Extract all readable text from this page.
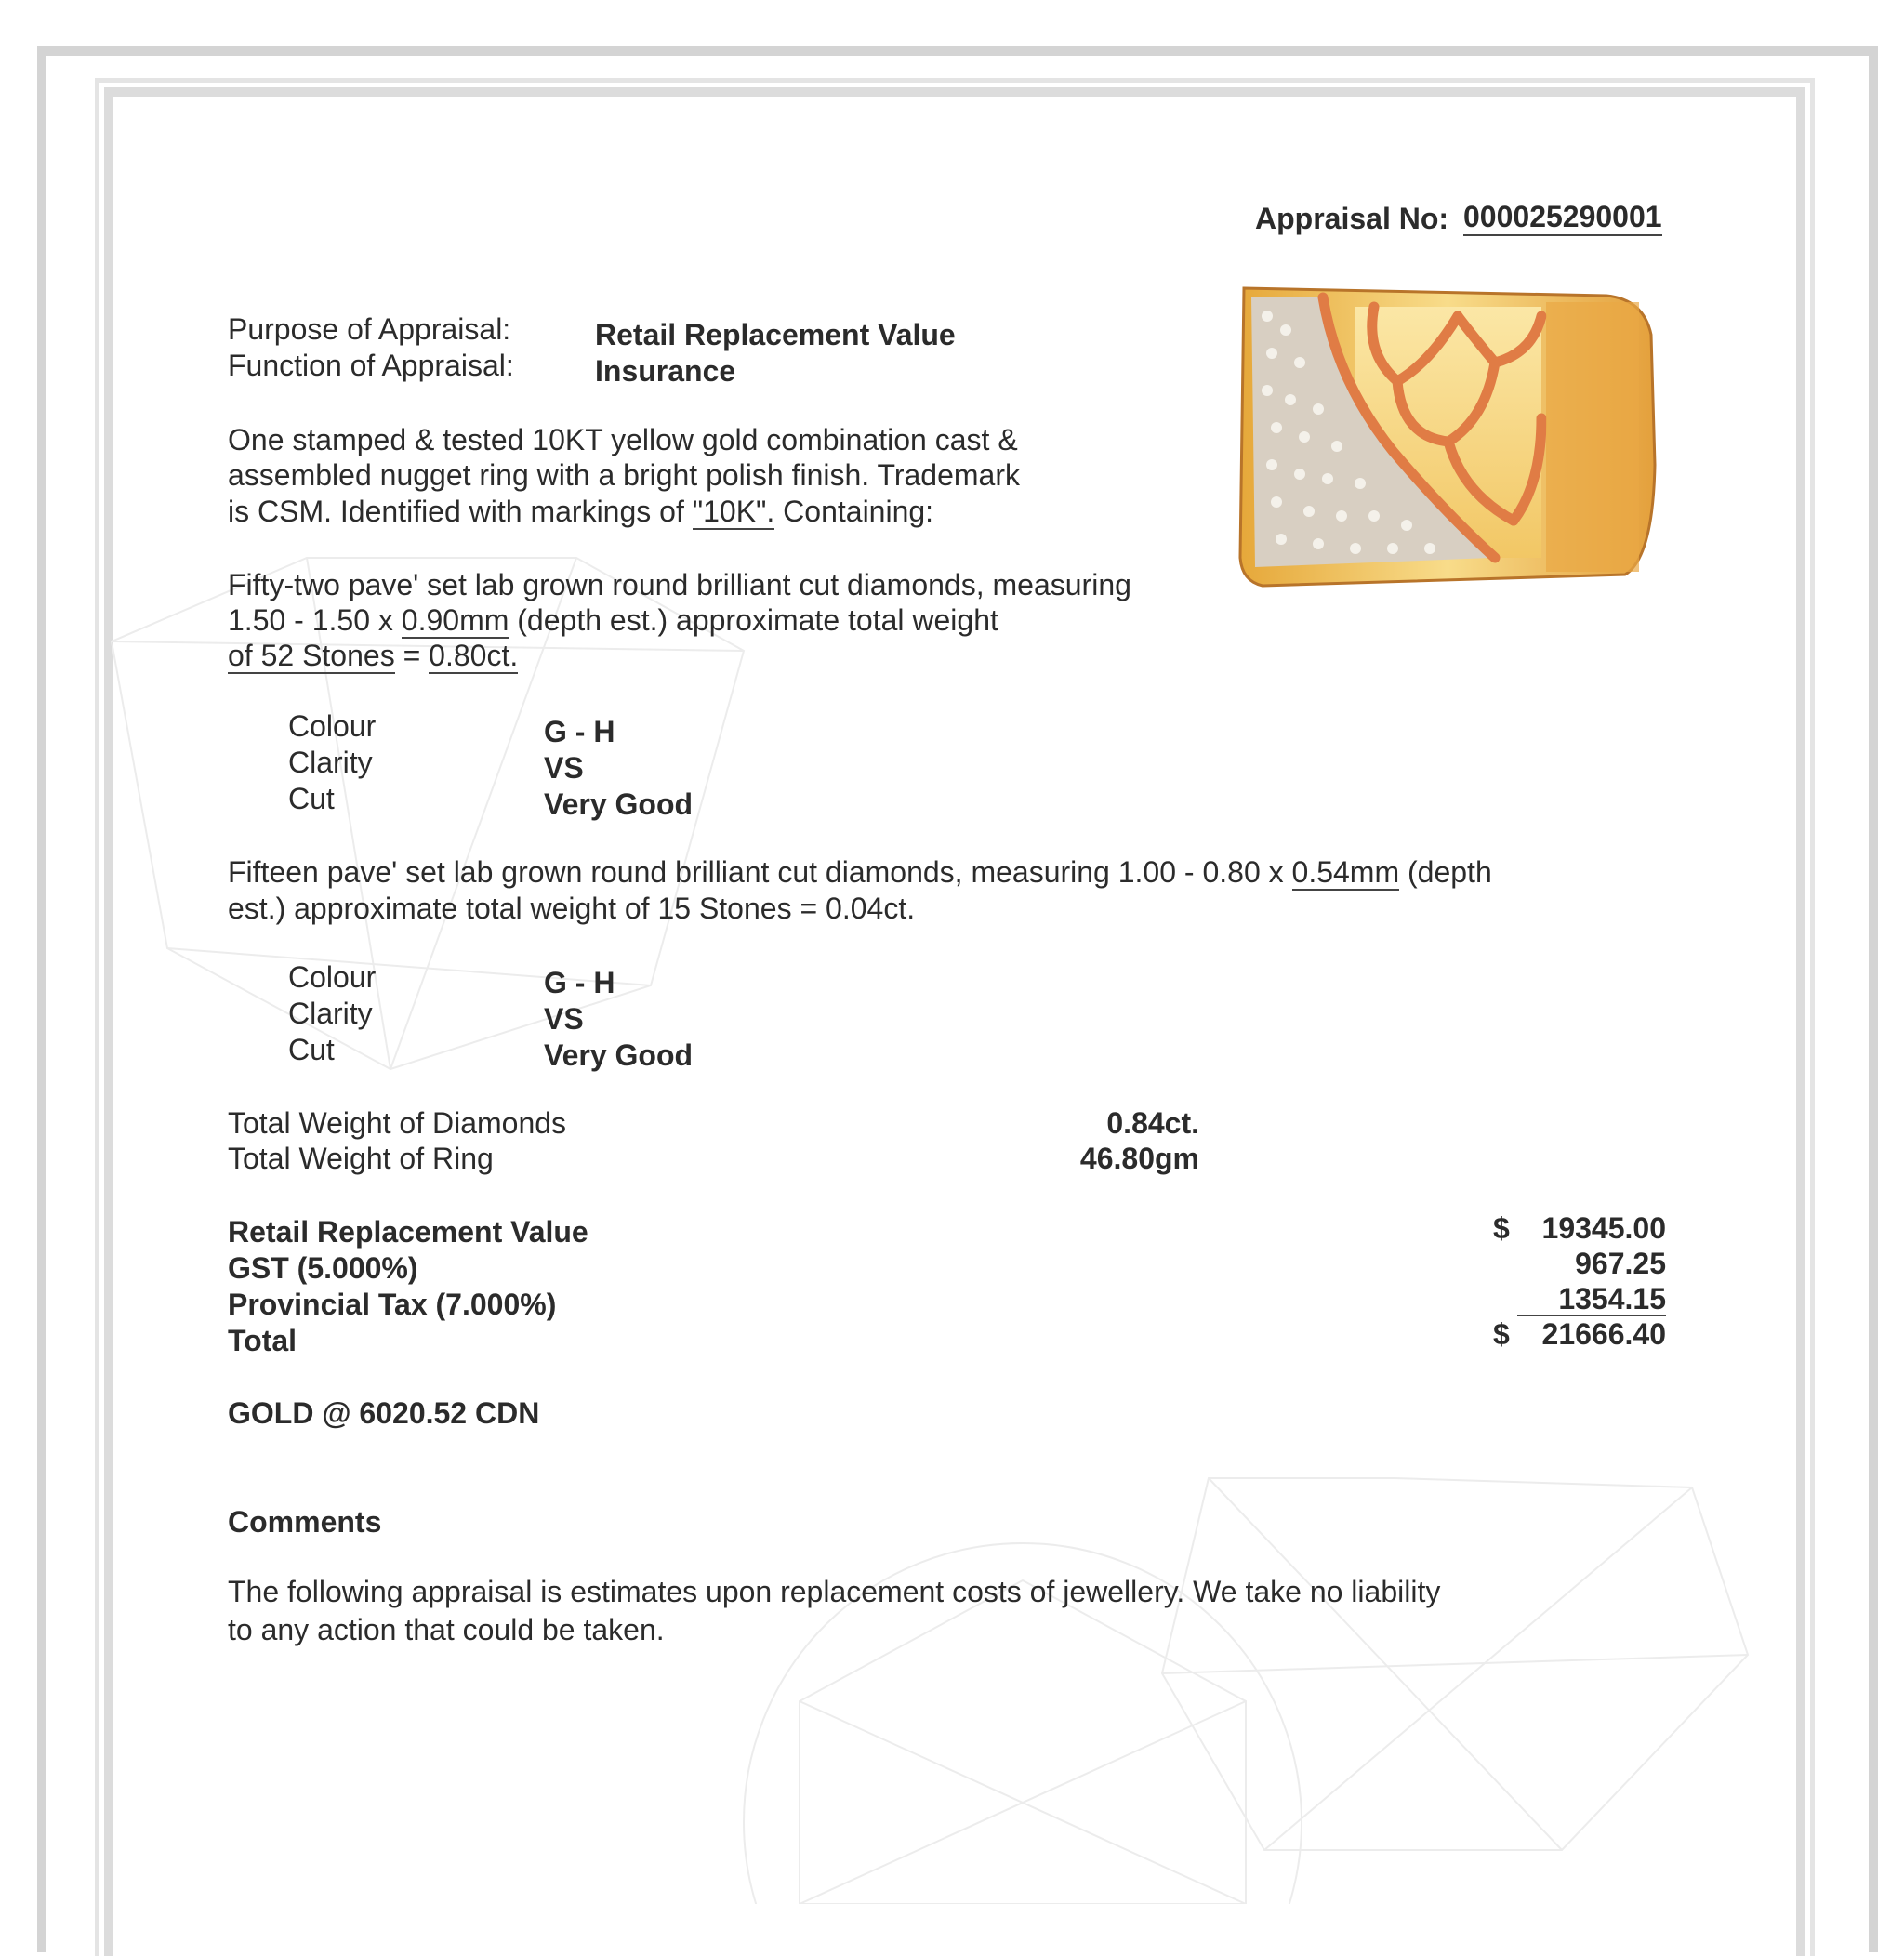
Appraisal No: 000025290001
Purpose of Appraisal:	Retail Replacement Value
Function of Appraisal:	Insurance
One stamped & tested 10KT yellow gold combination cast &
assembled nugget ring with a bright polish finish. Trademark
is CSM. Identified with markings of "10K". Containing:
Fifty-two pave' set lab grown round brilliant cut diamonds, measuring
1.50 - 1.50 x 0.90mm (depth est.) approximate total weight
of 52 Stones = 0.80ct.
Colour	G - H
Clarity	VS
Cut	Very Good
Fifteen pave' set lab grown round brilliant cut diamonds, measuring 1.00 - 0.80 x 0.54mm (depth
est.) approximate total weight of 15 Stones = 0.04ct.
Colour	G - H
Clarity	VS
Cut	Very Good
Total Weight of Diamonds	0.84ct.
Total Weight of Ring	46.80gm
Retail Replacement Value	$	19345.00
GST (5.000%)	967.25
Provincial Tax (7.000%)	1354.15
Total	$	21666.40
GOLD @ 6020.52 CDN
Comments
The following appraisal is estimates upon replacement costs of jewellery. We take no liability
to any action that could be taken.
